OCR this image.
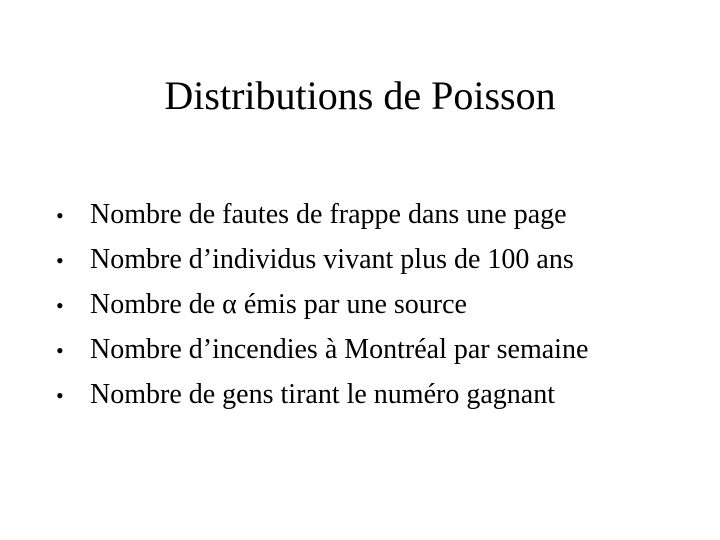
Distributions de Poisson
• Nombre de fautes de frappe dans une page
• Nombre d’individus vivant plus de 100 ans
• Nombre de α émis par une source
• Nombre d’incendies à Montréal par semaine
• Nombre de gens tirant le numéro gagnant
